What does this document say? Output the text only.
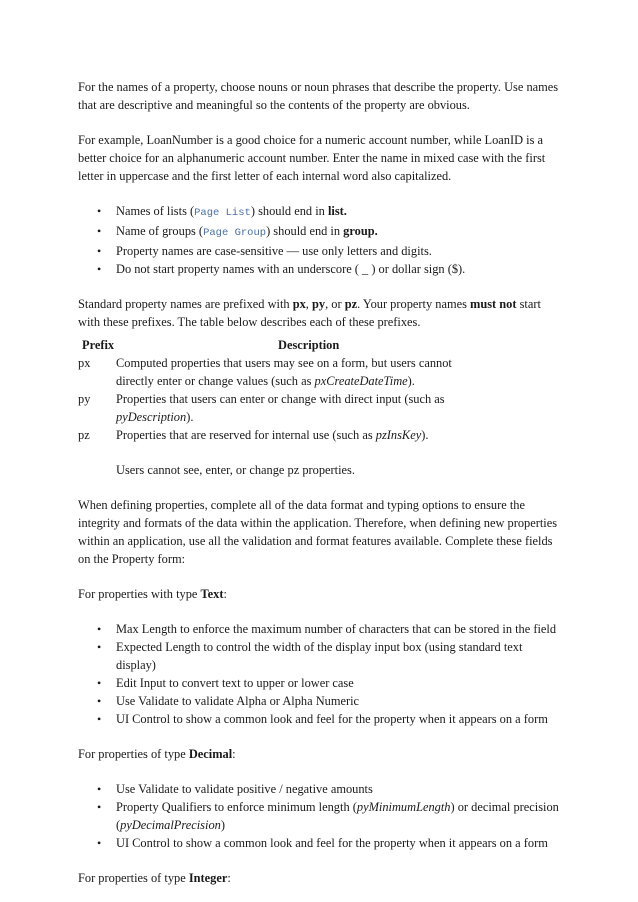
For the names of a property, choose nouns or noun phrases that describe the property. Use names that are descriptive and meaningful so the contents of the property are obvious.

For example, LoanNumber is a good choice for a numeric account number, while LoanID is a better choice for an alphanumeric account number. Enter the name in mixed case with the first letter in uppercase and the first letter of each internal word also capitalized.

• Names of lists (Page List) should end in list.
• Name of groups (Page Group) should end in group.
• Property names are case-sensitive — use only letters and digits.
• Do not start property names with an underscore ( _ ) or dollar sign ($).

Standard property names are prefixed with px, py, or pz. Your property names must not start with these prefixes. The table below describes each of these prefixes.

Prefix	Description
px	Computed properties that users may see on a form, but users cannot directly enter or change values (such as pxCreateDateTime).
py	Properties that users can enter or change with direct input (such as pyDescription).
pz	Properties that are reserved for internal use (such as pzInsKey).

Users cannot see, enter, or change pz properties.

When defining properties, complete all of the data format and typing options to ensure the integrity and formats of the data within the application. Therefore, when defining new properties within an application, use all the validation and format features available. Complete these fields on the Property form:

For properties with type Text:

• Max Length to enforce the maximum number of characters that can be stored in the field
• Expected Length to control the width of the display input box (using standard text display)
• Edit Input to convert text to upper or lower case
• Use Validate to validate Alpha or Alpha Numeric
• UI Control to show a common look and feel for the property when it appears on a form

For properties of type Decimal:

• Use Validate to validate positive / negative amounts
• Property Qualifiers to enforce minimum length (pyMinimumLength) or decimal precision (pyDecimalPrecision)
• UI Control to show a common look and feel for the property when it appears on a form

For properties of type Integer:
